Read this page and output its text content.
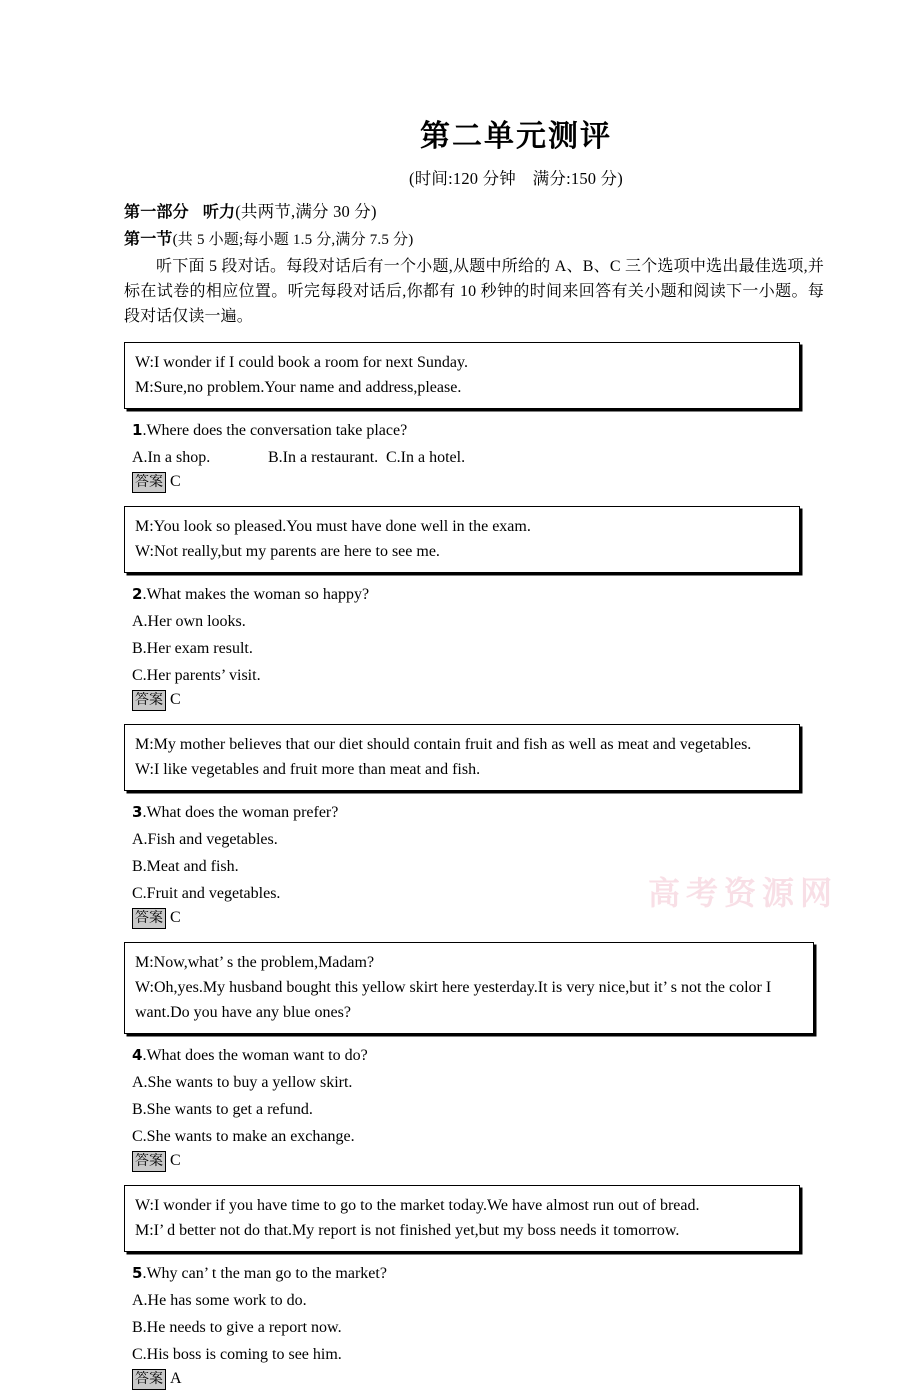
高考资源网
第二单元测评
(时间:120 分钟　满分:150 分)
第一部分 听力(共两节,满分 30 分)
第一节(共 5 小题;每小题 1.5 分,满分 7.5 分)
听下面 5 段对话。每段对话后有一个小题,从题中所给的 A、B、C 三个选项中选出最佳选项,并标在试卷的相应位置。听完每段对话后,你都有 10 秒钟的时间来回答有关小题和阅读下一小题。每段对话仅读一遍。
W:I wonder if I could book a room for next Sunday.
M:Sure,no problem.Your name and address,please.
1.Where does the conversation take place?
A.In a shop.	B.In a restaurant. C.In a hotel.
答案 C
M:You look so pleased.You must have done well in the exam.
W:Not really,but my parents are here to see me.
2.What makes the woman so happy?
A.Her own looks.
B.Her exam result.
C.Her parents’ visit.
答案 C
M:My mother believes that our diet should contain fruit and fish as well as meat and vegetables.
W:I like vegetables and fruit more than meat and fish.
3.What does the woman prefer?
A.Fish and vegetables.
B.Meat and fish.
C.Fruit and vegetables.
答案 C
M:Now,what’ s the problem,Madam?
W:Oh,yes.My husband bought this yellow skirt here yesterday.It is very nice,but it’ s not the color I want.Do you have any blue ones?
4.What does the woman want to do?
A.She wants to buy a yellow skirt.
B.She wants to get a refund.
C.She wants to make an exchange.
答案 C
W:I wonder if you have time to go to the market today.We have almost run out of bread.
M:I’ d better not do that.My report is not finished yet,but my boss needs it tomorrow.
5.Why can’ t the man go to the market?
A.He has some work to do.
B.He needs to give a report now.
C.His boss is coming to see him.
答案 A
